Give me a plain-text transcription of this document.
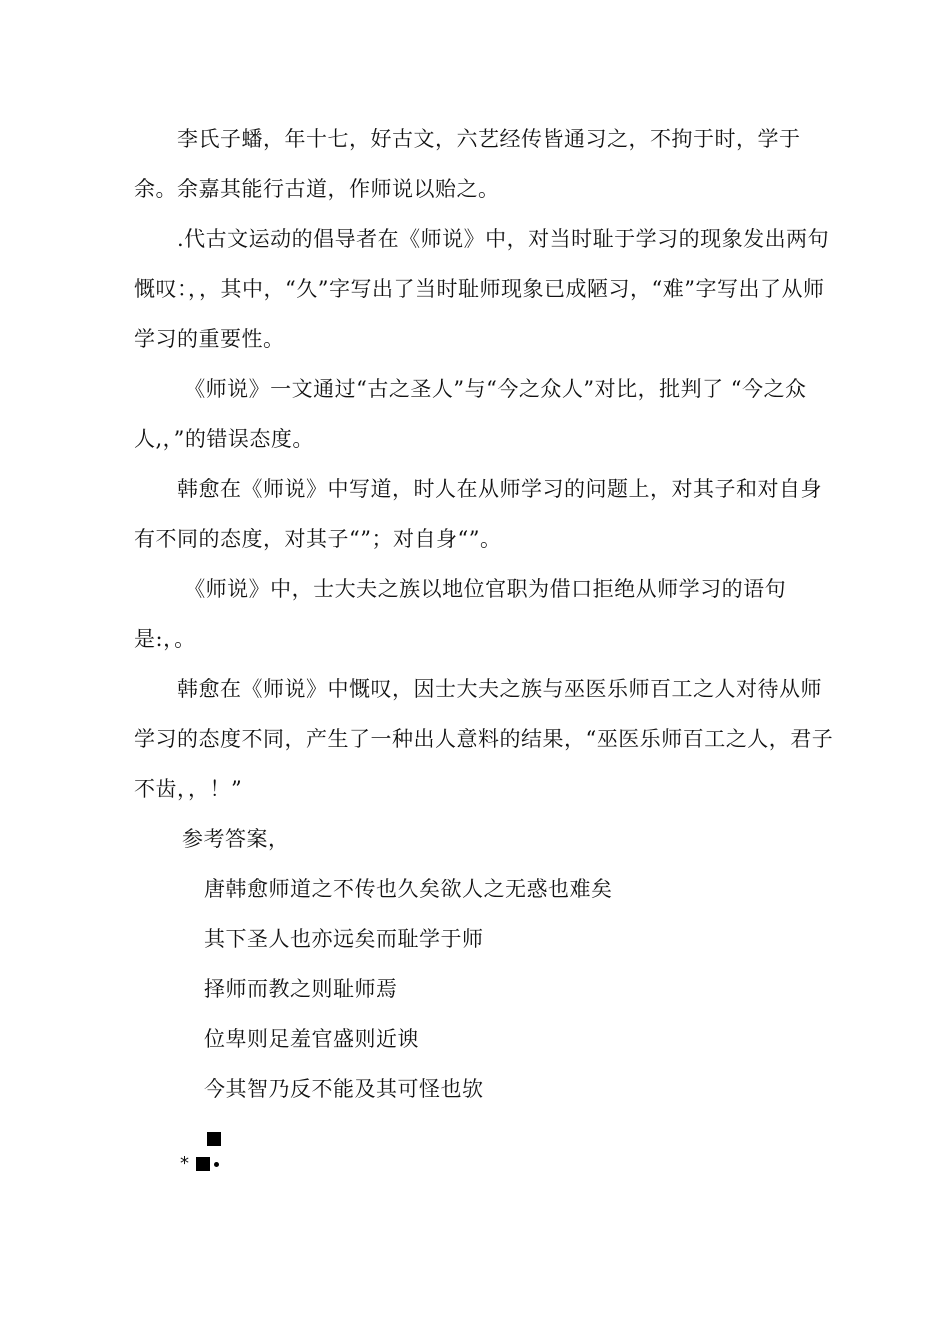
　　李氏子蟠，年十七，好古文，六艺经传皆通习之，不拘于时，学于余。余嘉其能行古道，作师说以贻之。

　　.代古文运动的倡导者在《师说》中，对当时耻于学习的现象发出两句慨叹：，，其中，“久”字写出了当时耻师现象已成陋习，“难”字写出了从师学习的重要性。

　　 《师说》一文通过“古之圣人”与“今之众人”对比，批判了 “今之众人,，”的错误态度。

　　韩愈在《师说》中写道，时人在从师学习的问题上，对其子和对自身有不同的态度，对其子“”；对自身“”。

　　 《师说》中，士大夫之族以地位官职为借口拒绝从师学习的语句是:，。

　　韩愈在《师说》中慨叹，因士大夫之族与巫医乐师百工之人对待从师学习的态度不同，产生了一种出人意料的结果，“巫医乐师百工之人，君子不齿，，！”

参考答案，

唐韩愈师道之不传也久矣欲人之无惑也难矣
其下圣人也亦远矣而耻学于师
择师而教之则耻师焉
位卑则足羞官盛则近谀
今其智乃反不能及其可怪也欤
*
